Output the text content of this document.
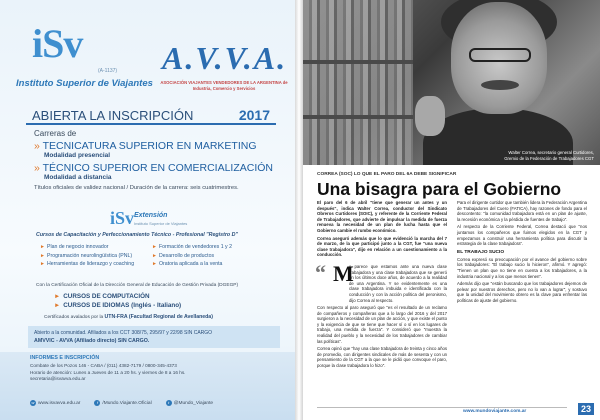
iSv
(A-1137)
Instituto Superior de Viajantes
A.V.V.A.
ASOCIACIÓN VIAJANTES VENDEDORES DE LA ARGENTINA de Industria, Comercio y Servicios
ABIERTA LA INSCRIPCIÓN	2017
Carreras de
» TECNICATURA SUPERIOR EN MARKETING
Modalidad presencial
» TÉCNICO SUPERIOR EN COMERCIALIZACIÓN
Modalidad a distancia
Títulos oficiales de validez nacional / Duración de la carrera: seis cuatrimestres.
iSv Extensión
Instituto Superior de Viajantes
Cursos de Capacitación y Perfeccionamiento Técnico - Profesional "Registro D"
► Plan de negocio innovador
► Programación neurolingüística (PNL)
► Herramientas de liderazgo y coaching
► Formación de vendedores 1 y 2
► Desarrollo de productos
► Oratoria aplicada a la venta
Con la Certificación Oficial de la Dirección General de Educación de Gestión Privada (DGEGP)
► CURSOS DE COMPUTACIÓN
► CURSOS DE IDIOMAS (Inglés - Italiano)
Certificados avalados por la UTN-FRA (Facultad Regional de Avellaneda)
Abierto a la comunidad. Afiliados a los CCT 308/75, 295/97 y 22/98 SIN CARGO
AMVVIC - AVVA (Afiliado directo) SIN CARGO.
INFORMES E INSCRIPCIÓN
Combate de los Pozos 146 - CABA / (011) 4382-7179 / 0800-345-4373
Horario de atención: Lunes a Jueves de 11 a 20 hs. y viernes de 8 a 16 hs.
secretaria@isvavva.edu.ar
w www.isvavva.edu.ar	f /Mundo.Viajante.Oficial	t @Mundo_Viajante
Walter Correa, secretario general Curtidores,
Gremio de la Federación de Trabajadores CGT
CORREA (SOC) LO QUE EL PARO DEL 6A DEBE SIGNIFICAR
Una bisagra para el Gobierno
El paro del 6 de abril "tiene que generar un antes y un después", indica Walter Correa, conductor del Sindicato Obreros Curtidores (SOIC), y referente de la Corriente Federal de Trabajadores, que advierte de impulsar la medida de fuerza renueva la necesidad de un plan de lucha hasta que el Gobierno cambie el rumbo económico.
Correa aseguró además que lo que evidenció la marcha del 7 de marzo, de la que participó junto a la CGT, fue "una nueva clase trabajadora", dijo en relación a un cuestionamiento a la conducción.
“ M
e parece que estamos ante una nueva clase trabajadora y una clase trabajadora que se generó en los últimos doce años, de acuerdo a la realidad de una Argentina. Y se evidentemente es una clase trabajadora imbuida e identificada con la conducción y con la acción política del peronismo, dijo Correa al respecto.
Con respecto al paro aseguró que "es el resultado de un reclamo de compañeros y compañeras que a lo largo del 2016 y del 2017 surgieron a la necesidad de un plan de acción, y que existe el punto y la exigencia de que se tiene que hacer sí o sí en los lugares de trabajo, una medida de fuerza". Y consideró que "muestra la realidad del pueblo y la necesidad de los trabajadores de cambiar las políticas".
Correa opinó que "hay una clase trabajadora de treinta y cinco años de promedio, con dirigentes sindicales de más de sesenta y con un pensamiento de la CGT a la que se le pidió que convoque el paro, porque la clase trabajadora lo hizo".
Para el dirigente curtidor que también lidera la Federación Argentina de Trabajadores del Cuero (FATICA), hay razones de fondo para el descontento: "la comunidad trabajadora está en un plan de ajuste, la recesión económica y la pérdida de fuentes de trabajo".
Al respecto de la Corriente Federal, Correa destacó que "nos juntamos los compañeros que fuimos elegidos en la CGT y empezamos a construir una herramienta política para discutir la estrategia de la clase trabajadora".
EL TRABAJO SUCIO
Correa expresó su preocupación por el avance del gobierno sobre los trabajadores: "El trabajo sucio lo hicieron", afirmó. Y agregó: "Tienen un plan que no tiene en cuenta a los trabajadores, a la industria nacional y a los que menos tienen".
Además dijo que "están buscando que los trabajadores dejemos de pelear por nuestros derechos, pero no lo van a lograr", y sostuvo que la unidad del movimiento obrero es la clave para enfrentar las políticas de ajuste del gobierno.
www.mundoviajante.com.ar	23
